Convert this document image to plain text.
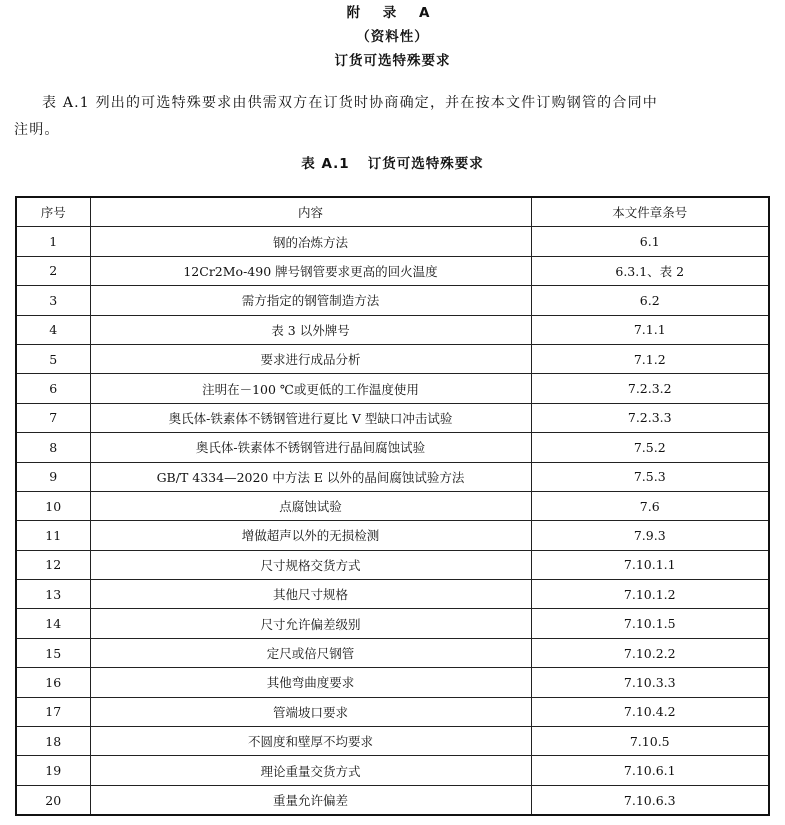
附 录 A
（资料性）
订货可选特殊要求
表 A.1 列出的可选特殊要求由供需双方在订货时协商确定，并在按本文件订购钢管的合同中
注明。
表 A.1 订货可选特殊要求
序号	内容	本文件章条号
1	钢的冶炼方法	6.1
2	12Cr2Mo-490 牌号钢管要求更高的回火温度	6.3.1、表 2
3	需方指定的钢管制造方法	6.2
4	表 3 以外牌号	7.1.1
5	要求进行成品分析	7.1.2
6	注明在－100 ℃或更低的工作温度使用	7.2.3.2
7	奥氏体-铁素体不锈钢管进行夏比 V 型缺口冲击试验	7.2.3.3
8	奥氏体-铁素体不锈钢管进行晶间腐蚀试验	7.5.2
9	GB/T 4334—2020 中方法 E 以外的晶间腐蚀试验方法	7.5.3
10	点腐蚀试验	7.6
11	增做超声以外的无损检测	7.9.3
12	尺寸规格交货方式	7.10.1.1
13	其他尺寸规格	7.10.1.2
14	尺寸允许偏差级别	7.10.1.5
15	定尺或倍尺钢管	7.10.2.2
16	其他弯曲度要求	7.10.3.3
17	管端坡口要求	7.10.4.2
18	不圆度和壁厚不均要求	7.10.5
19	理论重量交货方式	7.10.6.1
20	重量允许偏差	7.10.6.3
